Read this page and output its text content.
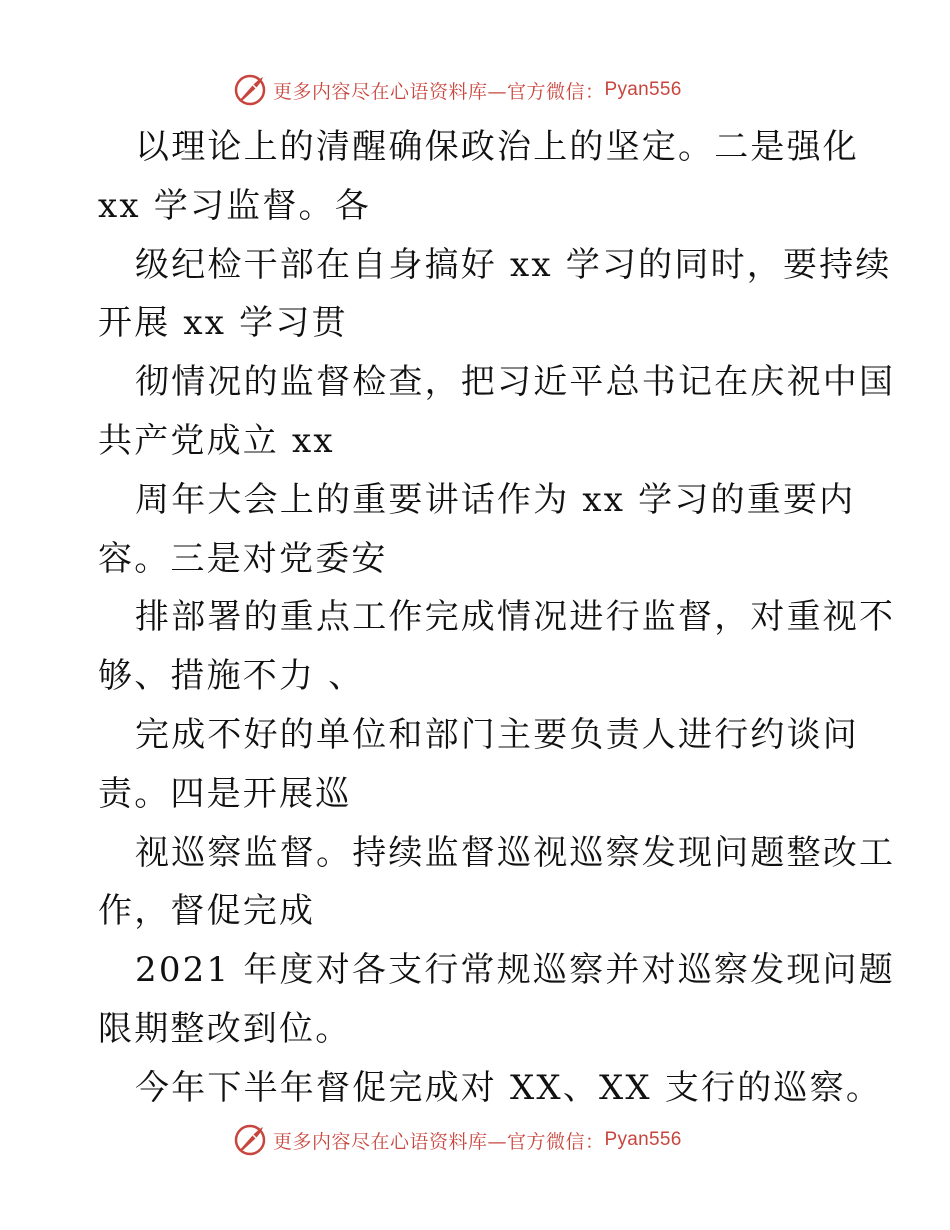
更多内容尽在心语资料库—官方微信： Pyan556
以理论上的清醒确保政治上的坚定。二是强化
xx 学习监督。各
级纪检干部在自身搞好 xx 学习的同时，要持续
开展 xx 学习贯
彻情况的监督检查，把习近平总书记在庆祝中国
共产党成立 xx
周年大会上的重要讲话作为 xx 学习的重要内
容。三是对党委安
排部署的重点工作完成情况进行监督，对重视不
够、措施不力 、
完成不好的单位和部门主要负责人进行约谈问
责。四是开展巡
视巡察监督。持续监督巡视巡察发现问题整改工
作，督促完成
2021 年度对各支行常规巡察并对巡察发现问题
限期整改到位。
今年下半年督促完成对 XX、XX 支行的巡察。
更多内容尽在心语资料库—官方微信： Pyan556
